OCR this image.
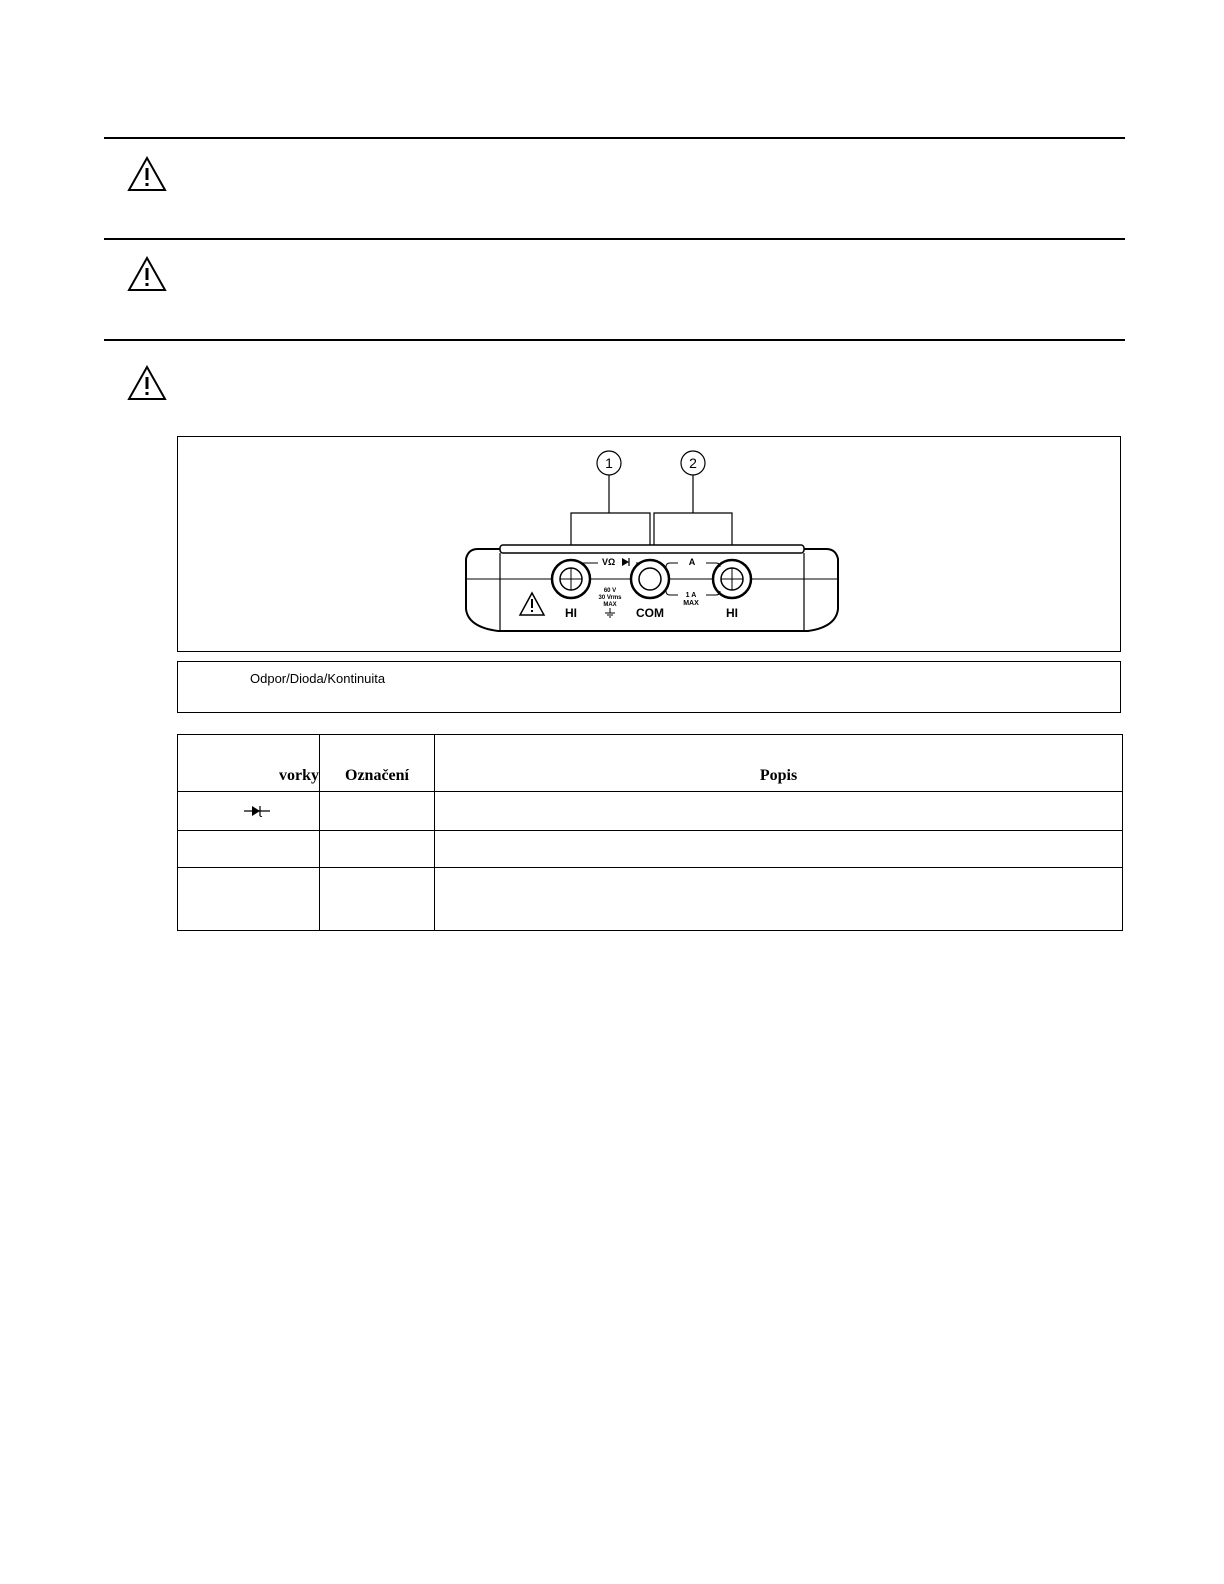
1	2
VΩ	A
HI	COM	HI
60 V
30 Vrms
MAX
1 A
MAX
Odpor/Dioda/Kontinuita
vorky	Označení	Popis
